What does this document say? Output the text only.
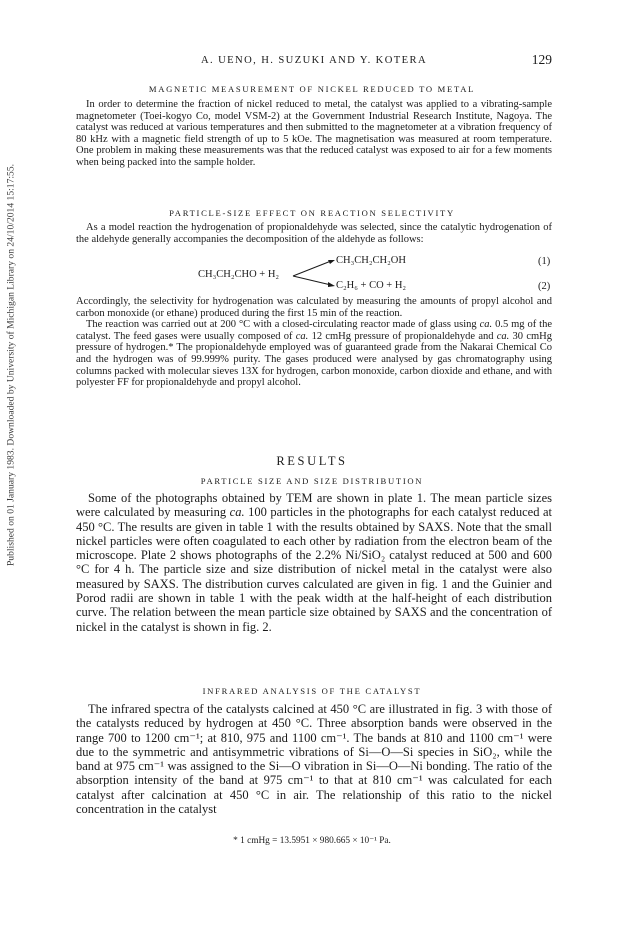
Published on 01 January 1983. Downloaded by University of Michigan Library on 24/10/2014 15:17:55.
A. UENO, H. SUZUKI AND Y. KOTERA	129
MAGNETIC MEASUREMENT OF NICKEL REDUCED TO METAL
In order to determine the fraction of nickel reduced to metal, the catalyst was applied to a vibrating-sample magnetometer (Toei-kogyo Co, model VSM-2) at the Government Industrial Research Institute, Nagoya. The catalyst was reduced at various temperatures and then submitted to the magnetometer at a vibration frequency of 80 kHz with a magnetic field strength of up to 5 kOe. The magnetisation was measured at room temperature. One problem in making these measurements was that the reduced catalyst was exposed to air for a few moments when being packed into the sample holder.
PARTICLE-SIZE EFFECT ON REACTION SELECTIVITY
As a model reaction the hydrogenation of propionaldehyde was selected, since the catalytic hydrogenation of the aldehyde generally accompanies the decomposition of the aldehyde as follows:
CH₃CH₂CHO + H₂
CH₃CH₂CH₂OH	(1)
C₂H₆ + CO + H₂	(2)

Accordingly, the selectivity for hydrogenation was calculated by measuring the amounts of propyl alcohol and carbon monoxide (or ethane) produced during the first 15 min of the reaction.

The reaction was carried out at 200 °C with a closed-circulating reactor made of glass using ca. 0.5 mg of the catalyst. The feed gases were usually composed of ca. 12 cmHg pressure of propionaldehyde and ca. 30 cmHg pressure of hydrogen.* The propionaldehyde employed was of guaranteed grade from the Nakarai Chemical Co and the hydrogen was of 99.999% purity. The gases produced were analysed by gas chromatography using columns packed with molecular sieves 13X for hydrogen, carbon monoxide, carbon dioxide and ethane, and with polyester FF for propionaldehyde and propyl alcohol.

RESULTS
PARTICLE SIZE AND SIZE DISTRIBUTION

Some of the photographs obtained by TEM are shown in plate 1. The mean particle sizes were calculated by measuring ca. 100 particles in the photographs for each catalyst reduced at 450 °C. The results are given in table 1 with the results obtained by SAXS. Note that the small nickel particles were often coagulated to each other by radiation from the electron beam of the microscope. Plate 2 shows photographs of the 2.2% Ni/SiO₂ catalyst reduced at 500 and 600 °C for 4 h. The particle size and size distribution of nickel metal in the catalyst were also measured by SAXS. The distribution curves calculated are given in fig. 1 and the Guinier and Porod radii are shown in table 1 with the peak width at the half-height of each distribution curve. The relation between the mean particle size obtained by SAXS and the concentration of nickel in the catalyst is shown in fig. 2.

INFRARED ANALYSIS OF THE CATALYST

The infrared spectra of the catalysts calcined at 450 °C are illustrated in fig. 3 with those of the catalysts reduced by hydrogen at 450 °C. Three absorption bands were observed in the range 700 to 1200 cm⁻¹; at 810, 975 and 1100 cm⁻¹. The bands at 810 and 1100 cm⁻¹ were due to the symmetric and antisymmetric vibrations of Si—O—Si species in SiO₂, while the band at 975 cm⁻¹ was assigned to the Si—O vibration in Si—O—Ni bonding. The ratio of the absorption intensity of the band at 975 cm⁻¹ to that at 810 cm⁻¹ was calculated for each catalyst after calcination at 450 °C in air. The relationship of this ratio to the nickel concentration in the catalyst

* 1 cmHg = 13.5951 × 980.665 × 10⁻¹ Pa.
